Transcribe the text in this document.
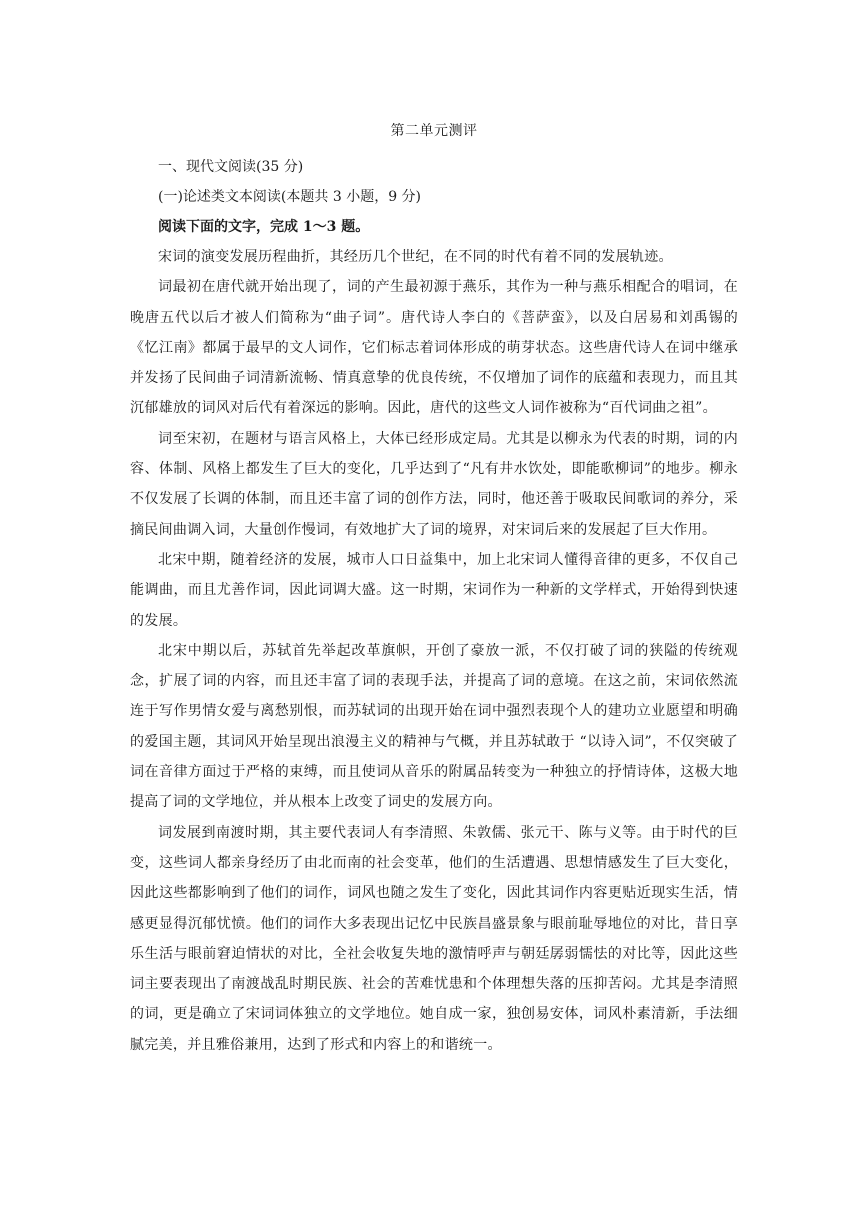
第二单元测评
一、现代文阅读(35 分)
(一)论述类文本阅读(本题共 3 小题，9 分)
阅读下面的文字，完成 1～3 题。

宋词的演变发展历程曲折，其经历几个世纪，在不同的时代有着不同的发展轨迹。

词最初在唐代就开始出现了，词的产生最初源于燕乐，其作为一种与燕乐相配合的唱词，在晚唐五代以后才被人们简称为“曲子词”。唐代诗人李白的《菩萨蛮》，以及白居易和刘禹锡的《忆江南》都属于最早的文人词作，它们标志着词体形成的萌芽状态。这些唐代诗人在词中继承并发扬了民间曲子词清新流畅、情真意挚的优良传统，不仅增加了词作的底蕴和表现力，而且其沉郁雄放的词风对后代有着深远的影响。因此，唐代的这些文人词作被称为“百代词曲之祖”。

词至宋初，在题材与语言风格上，大体已经形成定局。尤其是以柳永为代表的时期，词的内容、体制、风格上都发生了巨大的变化，几乎达到了“凡有井水饮处，即能歌柳词”的地步。柳永不仅发展了长调的体制，而且还丰富了词的创作方法，同时，他还善于吸取民间歌词的养分，采摘民间曲调入词，大量创作慢词，有效地扩大了词的境界，对宋词后来的发展起了巨大作用。

北宋中期，随着经济的发展，城市人口日益集中，加上北宋词人懂得音律的更多，不仅自己能调曲，而且尤善作词，因此词调大盛。这一时期，宋词作为一种新的文学样式，开始得到快速的发展。

北宋中期以后，苏轼首先举起改革旗帜，开创了豪放一派，不仅打破了词的狭隘的传统观念，扩展了词的内容，而且还丰富了词的表现手法，并提高了词的意境。在这之前，宋词依然流连于写作男情女爱与离愁别恨，而苏轼词的出现开始在词中强烈表现个人的建功立业愿望和明确的爱国主题，其词风开始呈现出浪漫主义的精神与气概，并且苏轼敢于 “以诗入词”，不仅突破了词在音律方面过于严格的束缚，而且使词从音乐的附属品转变为一种独立的抒情诗体，这极大地提高了词的文学地位，并从根本上改变了词史的发展方向。

词发展到南渡时期，其主要代表词人有李清照、朱敦儒、张元干、陈与义等。由于时代的巨变，这些词人都亲身经历了由北而南的社会变革，他们的生活遭遇、思想情感发生了巨大变化，因此这些都影响到了他们的词作，词风也随之发生了变化，因此其词作内容更贴近现实生活，情感更显得沉郁忧愤。他们的词作大多表现出记忆中民族昌盛景象与眼前耻辱地位的对比，昔日享乐生活与眼前窘迫情状的对比，全社会收复失地的激情呼声与朝廷孱弱懦怯的对比等，因此这些词主要表现出了南渡战乱时期民族、社会的苦难忧患和个体理想失落的压抑苦闷。尤其是李清照的词，更是确立了宋词词体独立的文学地位。她自成一家，独创易安体，词风朴素清新，手法细腻完美，并且雅俗兼用，达到了形式和内容上的和谐统一。
